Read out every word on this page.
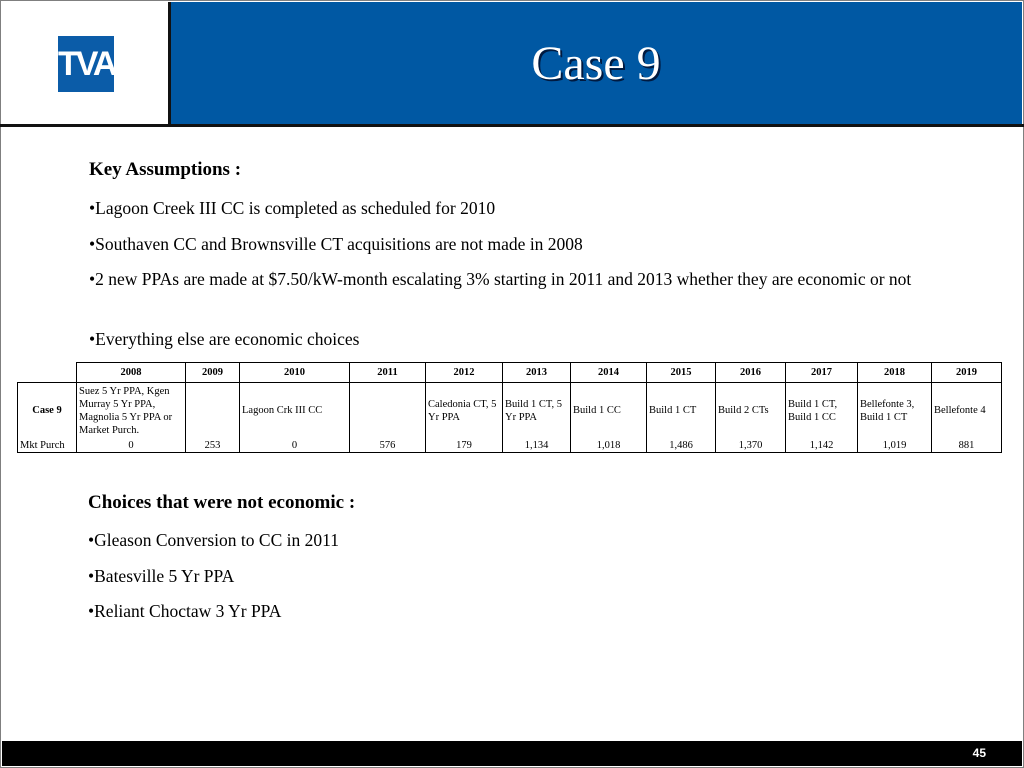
TVA	Case 9
Key Assumptions :
•Lagoon Creek III CC is completed as scheduled for 2010
•Southaven CC and Brownsville CT acquisitions are not made in 2008
•2 new PPAs are made at $7.50/kW-month escalating 3% starting in 2011 and 2013 whether they are economic or not
•Everything else are economic choices
	2008	2009	2010	2011	2012	2013	2014	2015	2016	2017	2018	2019
Case 9	Suez 5 Yr PPA, Kgen Murray 5 Yr PPA, Magnolia 5 Yr PPA or Market Purch.		Lagoon Crk III CC		Caledonia CT, 5 Yr PPA	Build 1 CT, 5 Yr PPA	Build 1 CC	Build 1 CT	Build 2 CTs	Build 1 CT, Build 1 CC	Bellefonte 3, Build 1 CT	Bellefonte 4
Mkt Purch	0	253	0	576	179	1,134	1,018	1,486	1,370	1,142	1,019	881
Choices that were not economic :
•Gleason Conversion to CC in 2011
•Batesville 5 Yr PPA
•Reliant Choctaw 3 Yr PPA
45
